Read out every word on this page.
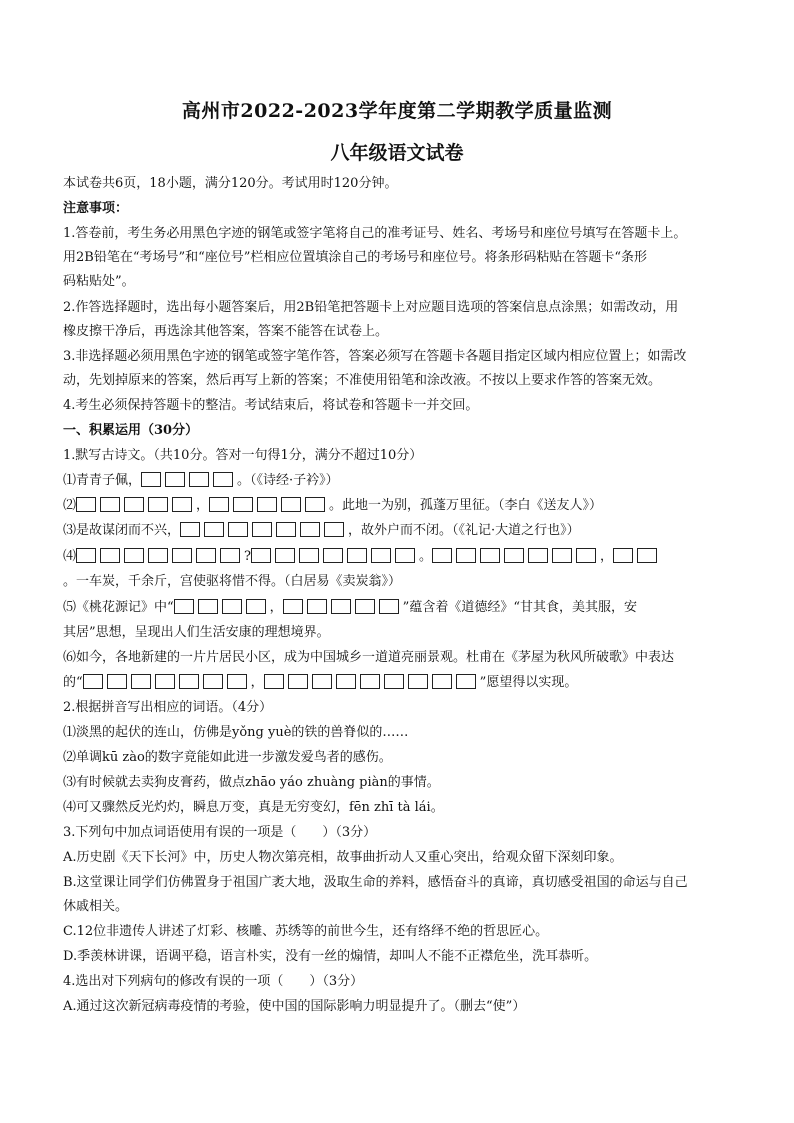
高州市2022-2023学年度第二学期教学质量监测
八年级语文试卷
本试卷共6页，18小题，满分120分。考试用时120分钟。
注意事项：
1.答卷前，考生务必用黑色字迹的钢笔或签字笔将自己的准考证号、姓名、考场号和座位号填写在答题卡上。
用2B铅笔在“考场号”和“座位号”栏相应位置填涂自己的考场号和座位号。将条形码粘贴在答题卡“条形
码粘贴处”。
2.作答选择题时，选出每小题答案后，用2B铅笔把答题卡上对应题目选项的答案信息点涂黑；如需改动，用
橡皮擦干净后，再选涂其他答案，答案不能答在试卷上。
3.非选择题必须用黑色字迹的钢笔或签字笔作答，答案必须写在答题卡各题目指定区域内相应位置上；如需改
动，先划掉原来的答案，然后再写上新的答案；不准使用铅笔和涂改液。不按以上要求作答的答案无效。
4.考生必须保持答题卡的整洁。考试结束后，将试卷和答题卡一并交回。
一、积累运用（30分）
1.默写古诗文。（共10分。答对一句得1分，满分不超过10分）
⑴青青子佩，	。（《诗经·子衿》）
⑵	，	。此地一为别，孤蓬万里征。（李白《送友人》）
⑶是故谋闭而不兴，	，故外户而不闭。（《礼记·大道之行也》）
⑷	?	。	，
。一车炭，千余斤，宫使驱将惜不得。（白居易《卖炭翁》）
⑸《桃花源记》中“	，	”蕴含着《道德经》“甘其食，美其服，安
其居”思想，呈现出人们生活安康的理想境界。
⑹如今，各地新建的一片片居民小区，成为中国城乡一道道亮丽景观。杜甫在《茅屋为秋风所破歌》中表达
的“	，	”愿望得以实现。
2.根据拼音写出相应的词语。（4分）
⑴淡黑的起伏的连山，仿佛是yǒng yuè的铁的兽脊似的……
⑵单调kū zào的数字竟能如此进一步激发爱鸟者的感伤。
⑶有时候就去卖狗皮膏药，做点zhāo yáo zhuàng piàn的事情。
⑷可又骤然反光灼灼，瞬息万变，真是无穷变幻，fēn zhī tà lái。
3.下列句中加点词语使用有误的一项是（　　）（3分）
A.历史剧《天下长河》中，历史人物次第亮相，故事曲折动人又重心突出，给观众留下深刻印象。
B.这堂课让同学们仿佛置身于祖国广袤大地，汲取生命的养料，感悟奋斗的真谛，真切感受祖国的命运与自己
休戚相关。
C.12位非遗传人讲述了灯彩、核雕、苏绣等的前世今生，还有络绎不绝的哲思匠心。
D.季羡林讲课，语调平稳，语言朴实，没有一丝的煽情，却叫人不能不正襟危坐，洗耳恭听。
4.选出对下列病句的修改有误的一项（　　）（3分）
A.通过这次新冠病毒疫情的考验，使中国的国际影响力明显提升了。（删去“使”）
